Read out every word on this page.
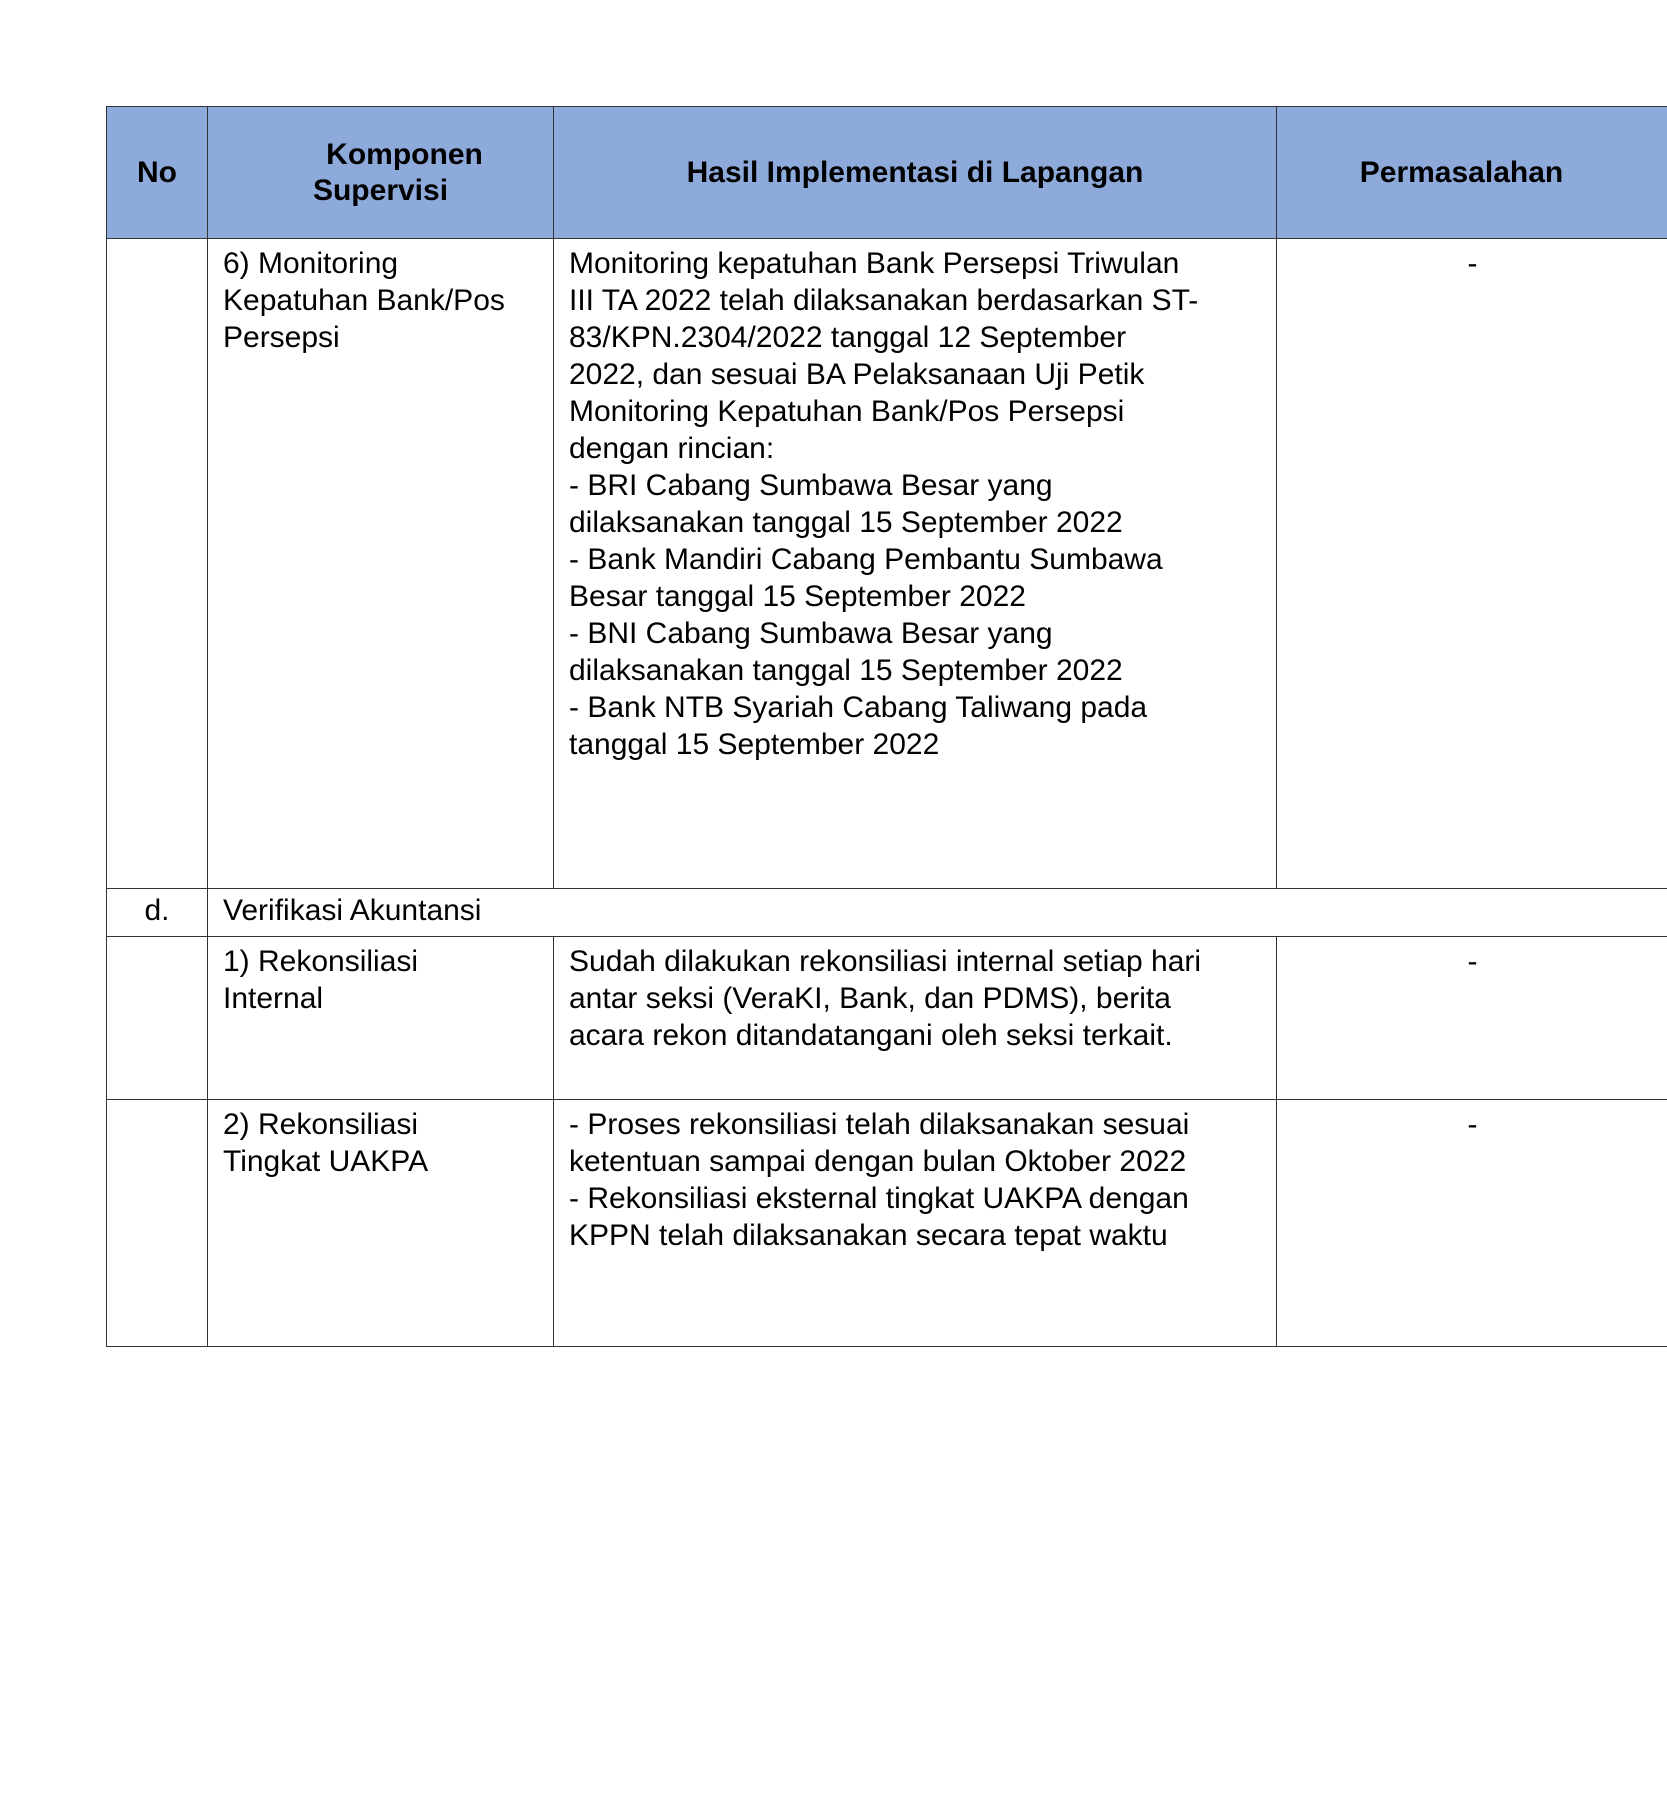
No
Komponen
Supervisi
Hasil Implementasi di Lapangan	Permasalahan
6) Monitoring
Kepatuhan Bank/Pos
Persepsi
Monitoring kepatuhan Bank Persepsi Triwulan
III TA 2022 telah dilaksanakan berdasarkan ST-
83/KPN.2304/2022 tanggal 12 September
2022, dan sesuai BA Pelaksanaan Uji Petik
Monitoring Kepatuhan Bank/Pos Persepsi
dengan rincian:
- BRI Cabang Sumbawa Besar yang
dilaksanakan tanggal 15 September 2022
- Bank Mandiri Cabang Pembantu Sumbawa
Besar tanggal 15 September 2022
- BNI Cabang Sumbawa Besar yang
dilaksanakan tanggal 15 September 2022
- Bank NTB Syariah Cabang Taliwang pada
tanggal 15 September 2022
-
d.	Verifikasi Akuntansi
1) Rekonsiliasi
Internal
Sudah dilakukan rekonsiliasi internal setiap hari
antar seksi (VeraKI, Bank, dan PDMS), berita
acara rekon ditandatangani oleh seksi terkait.
-
2) Rekonsiliasi
Tingkat UAKPA
- Proses rekonsiliasi telah dilaksanakan sesuai
ketentuan sampai dengan bulan Oktober 2022
- Rekonsiliasi eksternal tingkat UAKPA dengan
KPPN telah dilaksanakan secara tepat waktu
-
